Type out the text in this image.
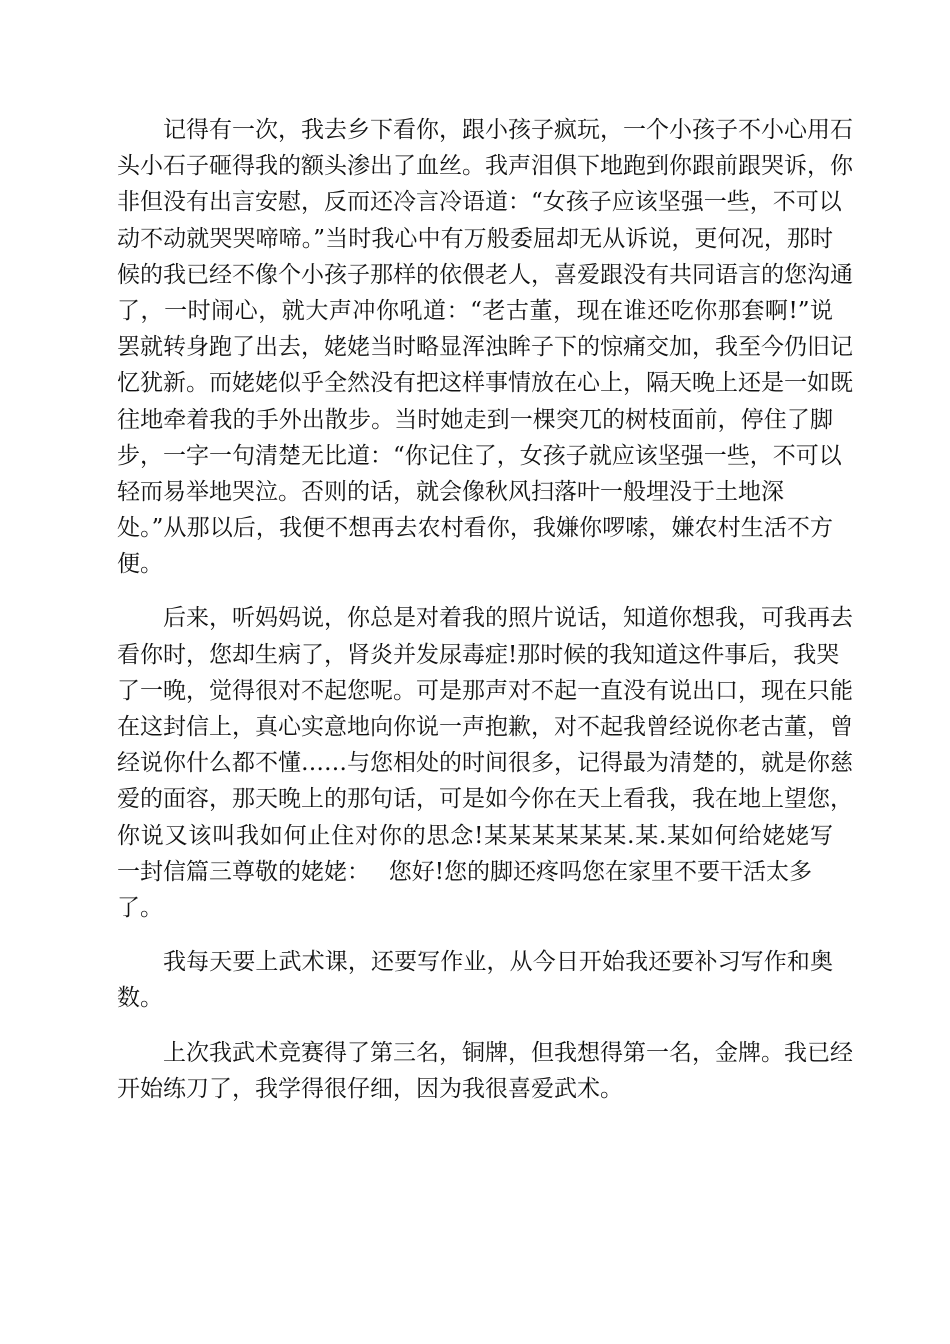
记得有一次，我去乡下看你，跟小孩子疯玩，一个小孩子不小心用石
头小石子砸得我的额头渗出了血丝。我声泪俱下地跑到你跟前跟哭诉，你
非但没有出言安慰，反而还冷言冷语道：“女孩子应该坚强一些，不可以
动不动就哭哭啼啼。”当时我心中有万般委屈却无从诉说，更何况，那时
候的我已经不像个小孩子那样的依偎老人，喜爱跟没有共同语言的您沟通
了，一时闹心，就大声冲你吼道：“老古董，现在谁还吃你那套啊!”说
罢就转身跑了出去，姥姥当时略显浑浊眸子下的惊痛交加，我至今仍旧记
忆犹新。而姥姥似乎全然没有把这样事情放在心上，隔天晚上还是一如既
往地牵着我的手外出散步。当时她走到一棵突兀的树枝面前，停住了脚
步，一字一句清楚无比道：“你记住了，女孩子就应该坚强一些，不可以
轻而易举地哭泣。否则的话，就会像秋风扫落叶一般埋没于土地深
处。”从那以后，我便不想再去农村看你，我嫌你啰嗦，嫌农村生活不方
便。
后来，听妈妈说，你总是对着我的照片说话，知道你想我，可我再去
看你时，您却生病了，肾炎并发尿毒症!那时候的我知道这件事后，我哭
了一晚，觉得很对不起您呢。可是那声对不起一直没有说出口，现在只能
在这封信上，真心实意地向你说一声抱歉，对不起我曾经说你老古董，曾
经说你什么都不懂……与您相处的时间很多，记得最为清楚的，就是你慈
爱的面容，那天晚上的那句话，可是如今你在天上看我，我在地上望您，
你说又该叫我如何止住对你的思念!某某某某某某.某.某如何给姥姥写
一封信篇三尊敬的姥姥：　 您好!您的脚还疼吗您在家里不要干活太多
了。
我每天要上武术课，还要写作业，从今日开始我还要补习写作和奥
数。
上次我武术竞赛得了第三名，铜牌，但我想得第一名，金牌。我已经
开始练刀了，我学得很仔细，因为我很喜爱武术。
